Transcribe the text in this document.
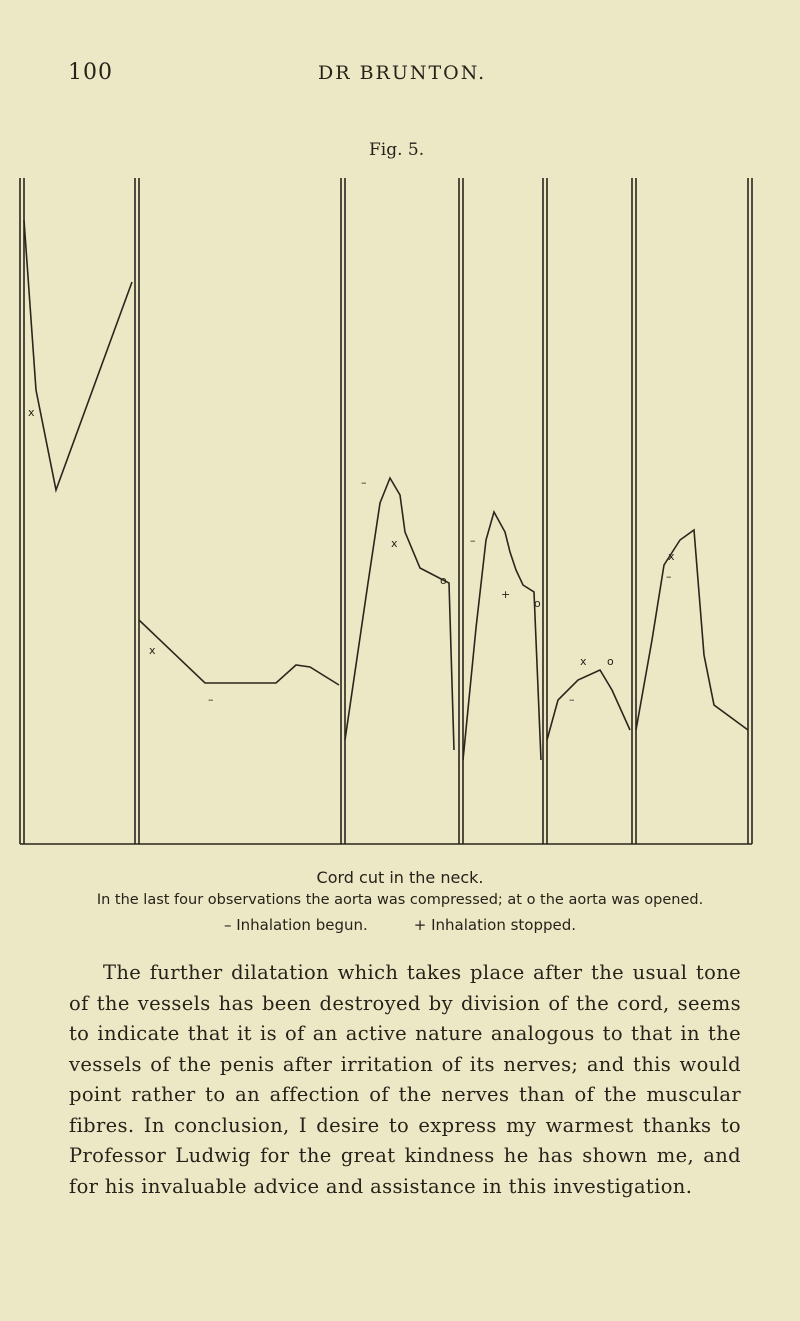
100	DR BRUNTON.
Fig. 5.
x
x
–
–
x
o
–
+
o
x o
–
x
–
Cord cut in the neck.
In the last four observations the aorta was compressed; at o the aorta was opened.
– Inhalation begun.	+ Inhalation stopped.

The further dilatation which takes place after the usual tone of the vessels has been destroyed by division of the cord, seems to indicate that it is of an active nature analogous to that in the vessels of the penis after irritation of its nerves; and this would point rather to an affection of the nerves than of the muscular fibres. In conclusion, I desire to express my warmest thanks to Professor Ludwig for the great kindness he has shown me, and for his invaluable advice and assistance in this investigation.
